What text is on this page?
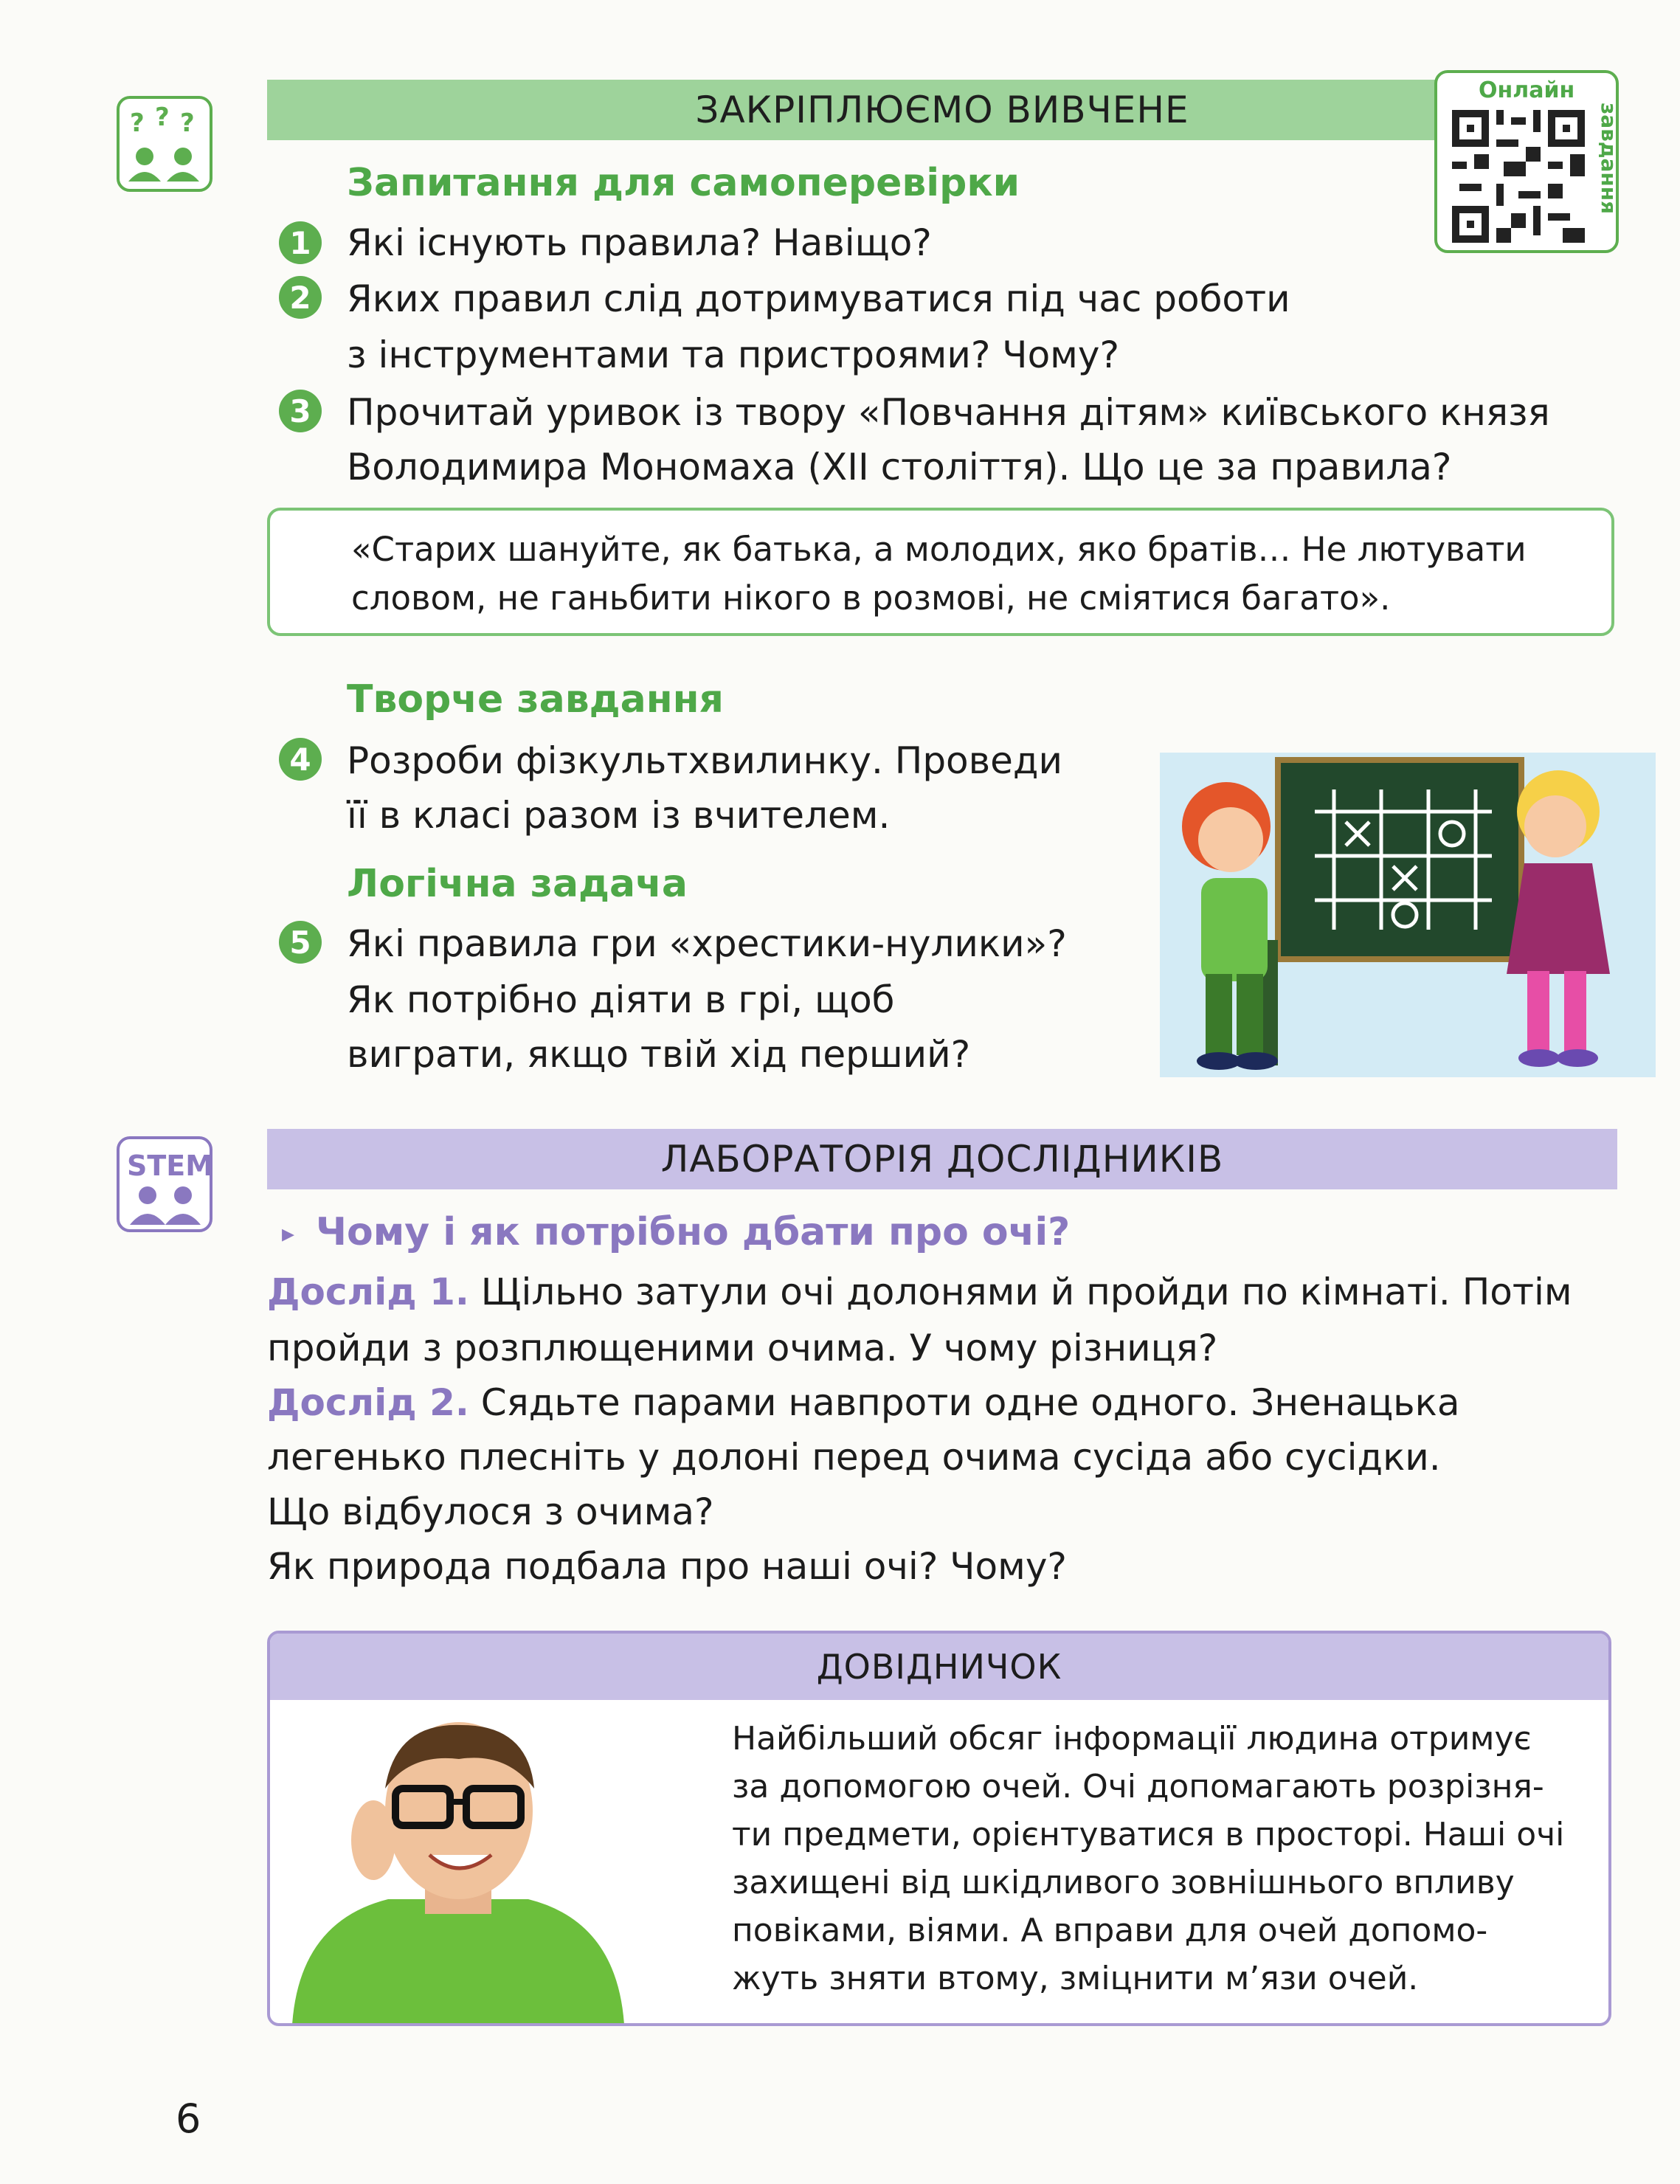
? ? ?	ЗАКРІПЛЮЄМО ВИВЧЕНЕ	Онлайн
завдання
Запитання для самоперевірки
1 Які існують правила? Навіщо?
2 Яких правил слід дотримуватися під час роботи
з інструментами та пристроями? Чому?
3 Прочитай уривок із твору «Повчання дітям» київського князя
Володимира Мономаха (XII століття). Що це за правила?
«Старих шануйте, як батька, а молодих, яко братів… Не лютувати
словом, не ганьбити нікого в розмові, не сміятися багато».
Творче завдання
4 Розроби фізкультхвилинку. Проведи
її в класі разом із вчителем.
Логічна задача
5 Які правила гри «хрестики-нулики»?
Як потрібно діяти в грі, щоб
виграти, якщо твій хід перший?
STEM	ЛАБОРАТОРІЯ ДОСЛІДНИКІВ
▸ Чому і як потрібно дбати про очі?
Дослід 1. Щільно затули очі долонями й пройди по кімнаті. Потім
пройди з розплющеними очима. У чому різниця?
Дослід 2. Сядьте парами навпроти одне одного. Зненацька
легенько плесніть у долоні перед очима сусіда або сусідки.
Що відбулося з очима?
Як природа подбала про наші очі? Чому?
ДОВІДНИЧОК
Найбільший обсяг інформації людина отримує
за допомогою очей. Очі допомагають розрізня-
ти предмети, орієнтуватися в просторі. Наші очі
захищені від шкідливого зовнішнього впливу
повіками, віями. А вправи для очей допомо-
жуть зняти втому, зміцнити м’язи очей.
6
